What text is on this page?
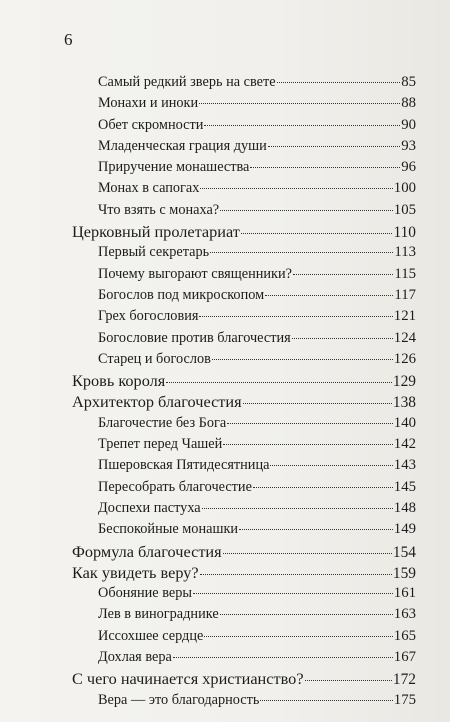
6
Самый редкий зверь на свете	85
Монахи и иноки	88
Обет скромности	90
Младенческая грация души	93
Приручение монашества	96
Монах в сапогах	100
Что взять с монаха?	105
Церковный пролетариат	110
Первый секретарь	113
Почему выгорают священники?	115
Богослов под микроскопом	117
Грех богословия	121
Богословие против благочестия	124
Старец и богослов	126
Кровь короля	129
Архитектор благочестия	138
Благочестие без Бога	140
Трепет перед Чашей	142
Пшеровская Пятидесятница	143
Пересобрать благочестие	145
Доспехи пастуха	148
Беспокойные монашки	149
Формула благочестия	154
Как увидеть веру?	159
Обоняние веры	161
Лев в винограднике	163
Иссохшее сердце	165
Дохлая вера	167
С чего начинается христианство?	172
Вера — это благодарность	175
